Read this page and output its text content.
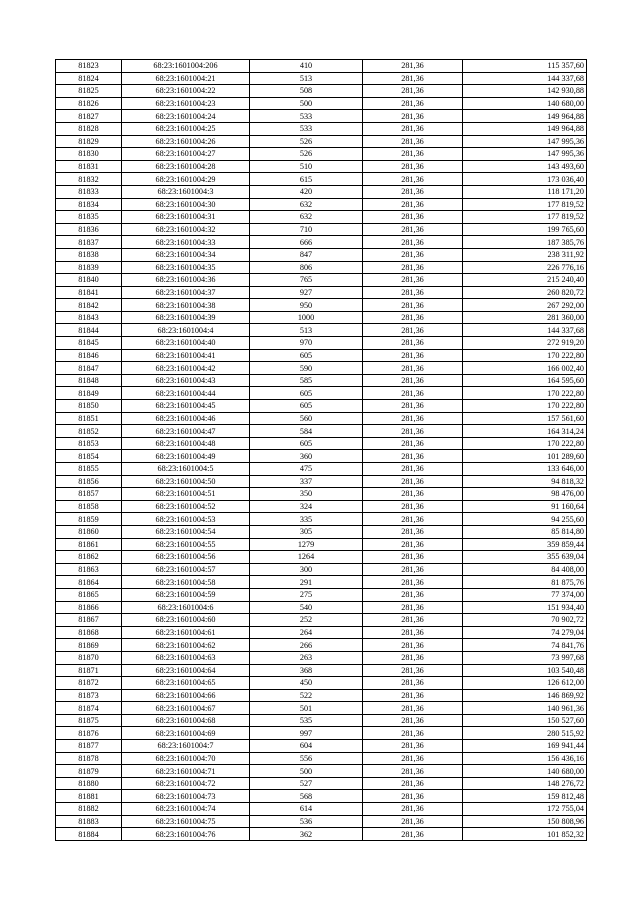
81823	68:23:1601004:206	410	281,36	115 357,60
81824	68:23:1601004:21	513	281,36	144 337,68
81825	68:23:1601004:22	508	281,36	142 930,88
81826	68:23:1601004:23	500	281,36	140 680,00
81827	68:23:1601004:24	533	281,36	149 964,88
81828	68:23:1601004:25	533	281,36	149 964,88
81829	68:23:1601004:26	526	281,36	147 995,36
81830	68:23:1601004:27	526	281,36	147 995,36
81831	68:23:1601004:28	510	281,36	143 493,60
81832	68:23:1601004:29	615	281,36	173 036,40
81833	68:23:1601004:3	420	281,36	118 171,20
81834	68:23:1601004:30	632	281,36	177 819,52
81835	68:23:1601004:31	632	281,36	177 819,52
81836	68:23:1601004:32	710	281,36	199 765,60
81837	68:23:1601004:33	666	281,36	187 385,76
81838	68:23:1601004:34	847	281,36	238 311,92
81839	68:23:1601004:35	806	281,36	226 776,16
81840	68:23:1601004:36	765	281,36	215 240,40
81841	68:23:1601004:37	927	281,36	260 820,72
81842	68:23:1601004:38	950	281,36	267 292,00
81843	68:23:1601004:39	1000	281,36	281 360,00
81844	68:23:1601004:4	513	281,36	144 337,68
81845	68:23:1601004:40	970	281,36	272 919,20
81846	68:23:1601004:41	605	281,36	170 222,80
81847	68:23:1601004:42	590	281,36	166 002,40
81848	68:23:1601004:43	585	281,36	164 595,60
81849	68:23:1601004:44	605	281,36	170 222,80
81850	68:23:1601004:45	605	281,36	170 222,80
81851	68:23:1601004:46	560	281,36	157 561,60
81852	68:23:1601004:47	584	281,36	164 314,24
81853	68:23:1601004:48	605	281,36	170 222,80
81854	68:23:1601004:49	360	281,36	101 289,60
81855	68:23:1601004:5	475	281,36	133 646,00
81856	68:23:1601004:50	337	281,36	94 818,32
81857	68:23:1601004:51	350	281,36	98 476,00
81858	68:23:1601004:52	324	281,36	91 160,64
81859	68:23:1601004:53	335	281,36	94 255,60
81860	68:23:1601004:54	305	281,36	85 814,80
81861	68:23:1601004:55	1279	281,36	359 859,44
81862	68:23:1601004:56	1264	281,36	355 639,04
81863	68:23:1601004:57	300	281,36	84 408,00
81864	68:23:1601004:58	291	281,36	81 875,76
81865	68:23:1601004:59	275	281,36	77 374,00
81866	68:23:1601004:6	540	281,36	151 934,40
81867	68:23:1601004:60	252	281,36	70 902,72
81868	68:23:1601004:61	264	281,36	74 279,04
81869	68:23:1601004:62	266	281,36	74 841,76
81870	68:23:1601004:63	263	281,36	73 997,68
81871	68:23:1601004:64	368	281,36	103 540,48
81872	68:23:1601004:65	450	281,36	126 612,00
81873	68:23:1601004:66	522	281,36	146 869,92
81874	68:23:1601004:67	501	281,36	140 961,36
81875	68:23:1601004:68	535	281,36	150 527,60
81876	68:23:1601004:69	997	281,36	280 515,92
81877	68:23:1601004:7	604	281,36	169 941,44
81878	68:23:1601004:70	556	281,36	156 436,16
81879	68:23:1601004:71	500	281,36	140 680,00
81880	68:23:1601004:72	527	281,36	148 276,72
81881	68:23:1601004:73	568	281,36	159 812,48
81882	68:23:1601004:74	614	281,36	172 755,04
81883	68:23:1601004:75	536	281,36	150 808,96
81884	68:23:1601004:76	362	281,36	101 852,32
